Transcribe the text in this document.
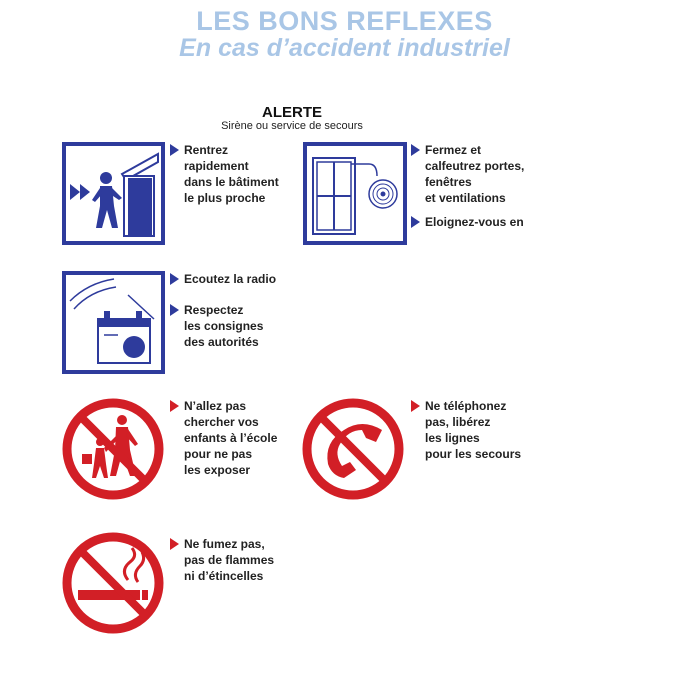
LES BONS REFLEXES
En cas d’accident industriel
ALERTE
Sirène ou service de secours
Rentrez
rapidement
dans le bâtiment
le plus proche
Fermez et
calfeutrez portes,
fenêtres
et ventilations
Eloignez-vous en
Ecoutez la radio
Respectez
les consignes
des autorités
N’allez pas
chercher vos
enfants à l’école
pour ne pas
les exposer
Ne téléphonez
pas, libérez
les lignes
pour les secours
Ne fumez pas,
pas de flammes
ni d’étincelles
